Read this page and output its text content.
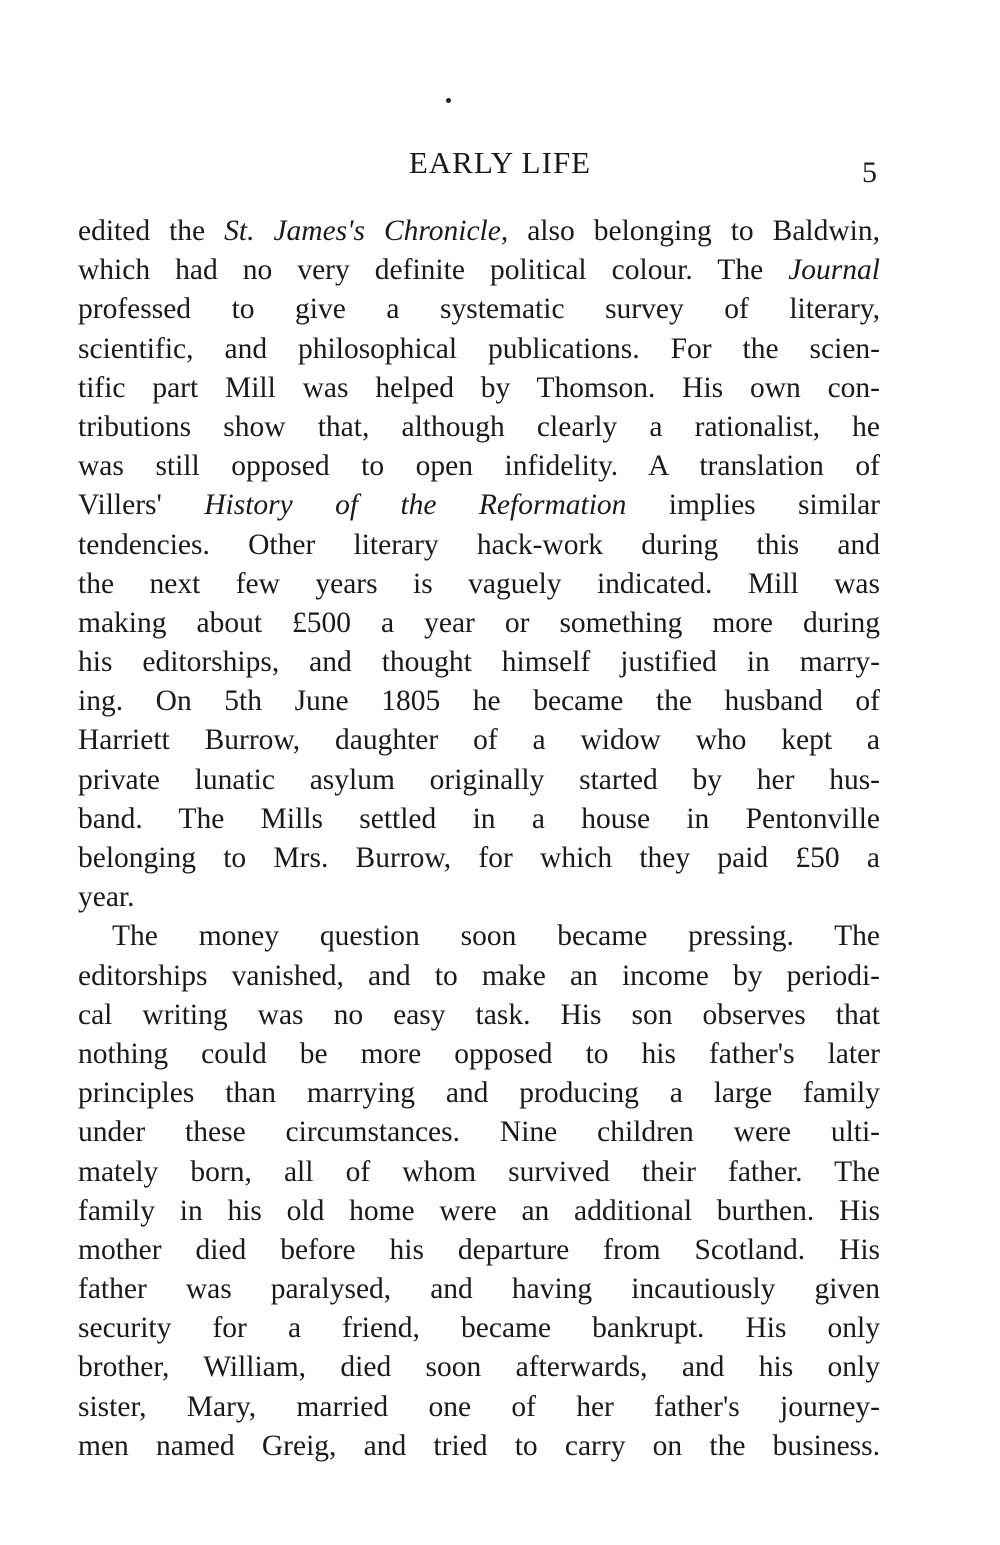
EARLY LIFE	5
edited the St. James's Chronicle, also belonging to Baldwin,
which had no very definite political colour. The Journal
professed to give a systematic survey of literary,
scientific, and philosophical publications. For the scien-
tific part Mill was helped by Thomson. His own con-
tributions show that, although clearly a rationalist, he
was still opposed to open infidelity. A translation of
Villers' History of the Reformation implies similar
tendencies. Other literary hack-work during this and
the next few years is vaguely indicated. Mill was
making about £500 a year or something more during
his editorships, and thought himself justified in marry-
ing. On 5th June 1805 he became the husband of
Harriett Burrow, daughter of a widow who kept a
private lunatic asylum originally started by her hus-
band. The Mills settled in a house in Pentonville
belonging to Mrs. Burrow, for which they paid £50 a
year.
The money question soon became pressing. The
editorships vanished, and to make an income by periodi-
cal writing was no easy task. His son observes that
nothing could be more opposed to his father's later
principles than marrying and producing a large family
under these circumstances. Nine children were ulti-
mately born, all of whom survived their father. The
family in his old home were an additional burthen. His
mother died before his departure from Scotland. His
father was paralysed, and having incautiously given
security for a friend, became bankrupt. His only
brother, William, died soon afterwards, and his only
sister, Mary, married one of her father's journey-
men named Greig, and tried to carry on the business.
